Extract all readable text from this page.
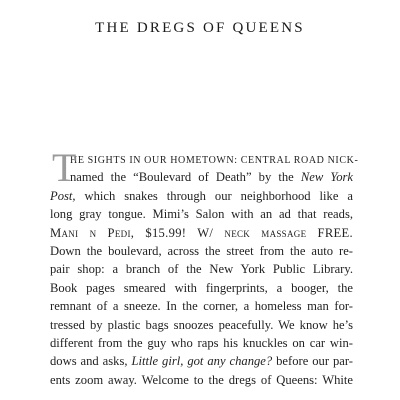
THE DREGS OF QUEENS
T
HE SIGHTS IN OUR HOMETOWN: CENTRAL ROAD NICK-
named the “Boulevard of Death” by the New York
Post, which snakes through our neighborhood like a
long gray tongue. Mimi’s Salon with an ad that reads,
Mani n Pedi, $15.99! W/ neck massage FREE.
Down the boulevard, across the street from the auto re-
pair shop: a branch of the New York Public Library.
Book pages smeared with fingerprints, a booger, the
remnant of a sneeze. In the corner, a homeless man for-
tressed by plastic bags snoozes peacefully. We know he’s
different from the guy who raps his knuckles on car win-
dows and asks, Little girl, got any change? before our par-
ents zoom away. Welcome to the dregs of Queens: White
